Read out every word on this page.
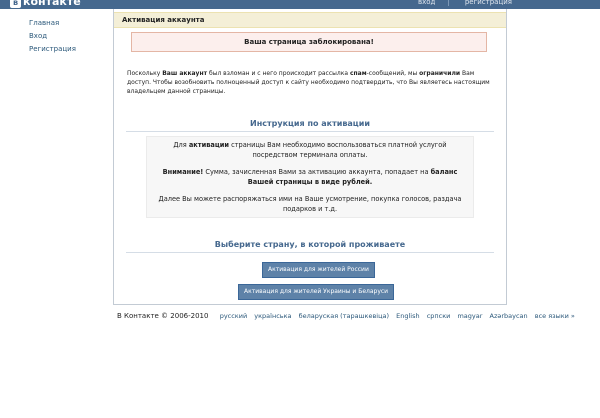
в контакте	вход	регистрация
Главная
Вход
Регистрация
Активация аккаунта
Ваша страница заблокирована!
Поскольку Ваш аккаунт был взломан и с него происходит рассылка спам-сообщений, мы ограничили Вам доступ. Чтобы возобновить полноценный доступ к сайту необходимо подтвердить, что Вы являетесь настоящим владельцем данной страницы.
Инструкция по активации

Для активации страницы Вам необходимо воспользоваться платной услугой посредством терминала оплаты.

Внимание! Сумма, зачисленная Вами за активацию аккаунта, попадает на баланс Вашей страницы в виде рублей.

Далее Вы можете распоряжаться ими на Ваше усмотрение, покупка голосов, раздача подарков и т.д.

Выберите страну, в которой проживаете
Активация для жителей России
Активация для жителей Украины и Беларуси
В Контакте © 2006-2010 русский українська беларуская (тарашкевіца) English српски magyar Azərbaycan все языки »
